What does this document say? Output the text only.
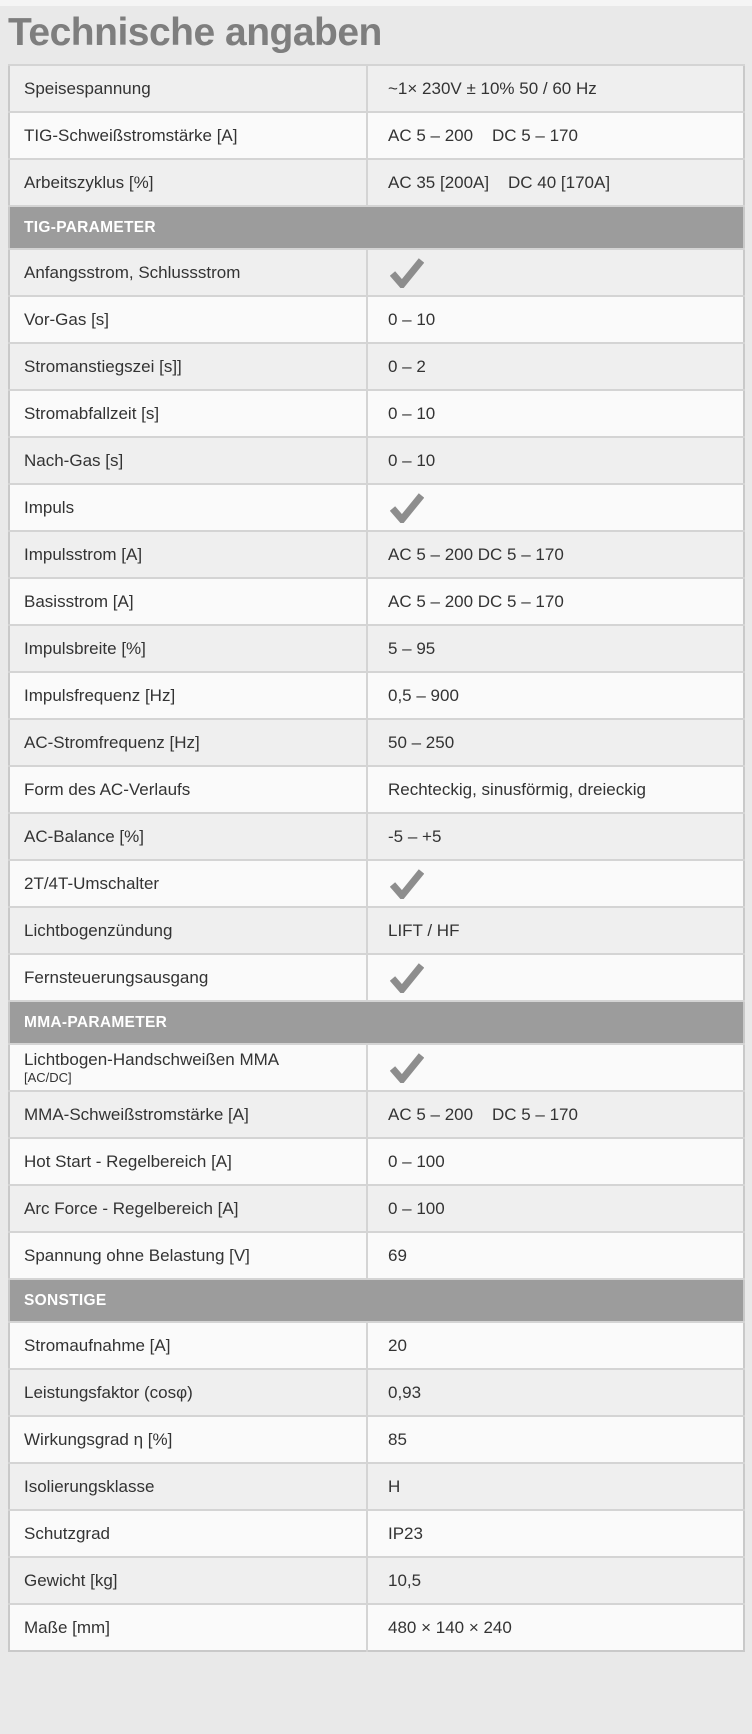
Technische angaben
Speisespannung	~1× 230V ± 10% 50 / 60 Hz
TIG-Schweißstromstärke [A]	AC 5 – 200    DC 5 – 170
Arbeitszyklus [%]	AC 35 [200A]    DC 40 [170A]
TIG-PARAMETER	
Anfangsstrom, Schlussstrom	

Vor-Gas [s]	0 – 10
Stromanstiegszei [s]]	0 – 2
Stromabfallzeit [s]	0 – 10
Nach-Gas [s]	0 – 10
Impuls	

Impulsstrom [A]	AC 5 – 200 DC 5 – 170
Basisstrom [A]	AC 5 – 200 DC 5 – 170
Impulsbreite [%]	5 – 95
Impulsfrequenz [Hz]	0,5 – 900
AC-Stromfrequenz [Hz]	50 – 250
Form des AC-Verlaufs	Rechteckig, sinusförmig, dreieckig
AC-Balance [%]	-5 – +5
2T/4T-Umschalter	

Lichtbogenzündung	LIFT / HF
Fernsteuerungsausgang	

MMA-PARAMETER	
Lichtbogen-Handschweißen MMA
[AC/DC]

MMA-Schweißstromstärke [A]	AC 5 – 200    DC 5 – 170
Hot Start - Regelbereich [A]	0 – 100
Arc Force - Regelbereich [A]	0 – 100
Spannung ohne Belastung [V]	69
SONSTIGE	
Stromaufnahme [A]	20
Leistungsfaktor (cosφ)	0,93
Wirkungsgrad η [%]	85
Isolierungsklasse	H
Schutzgrad	IP23
Gewicht [kg]	10,5
Maße [mm]	480 × 140 × 240
